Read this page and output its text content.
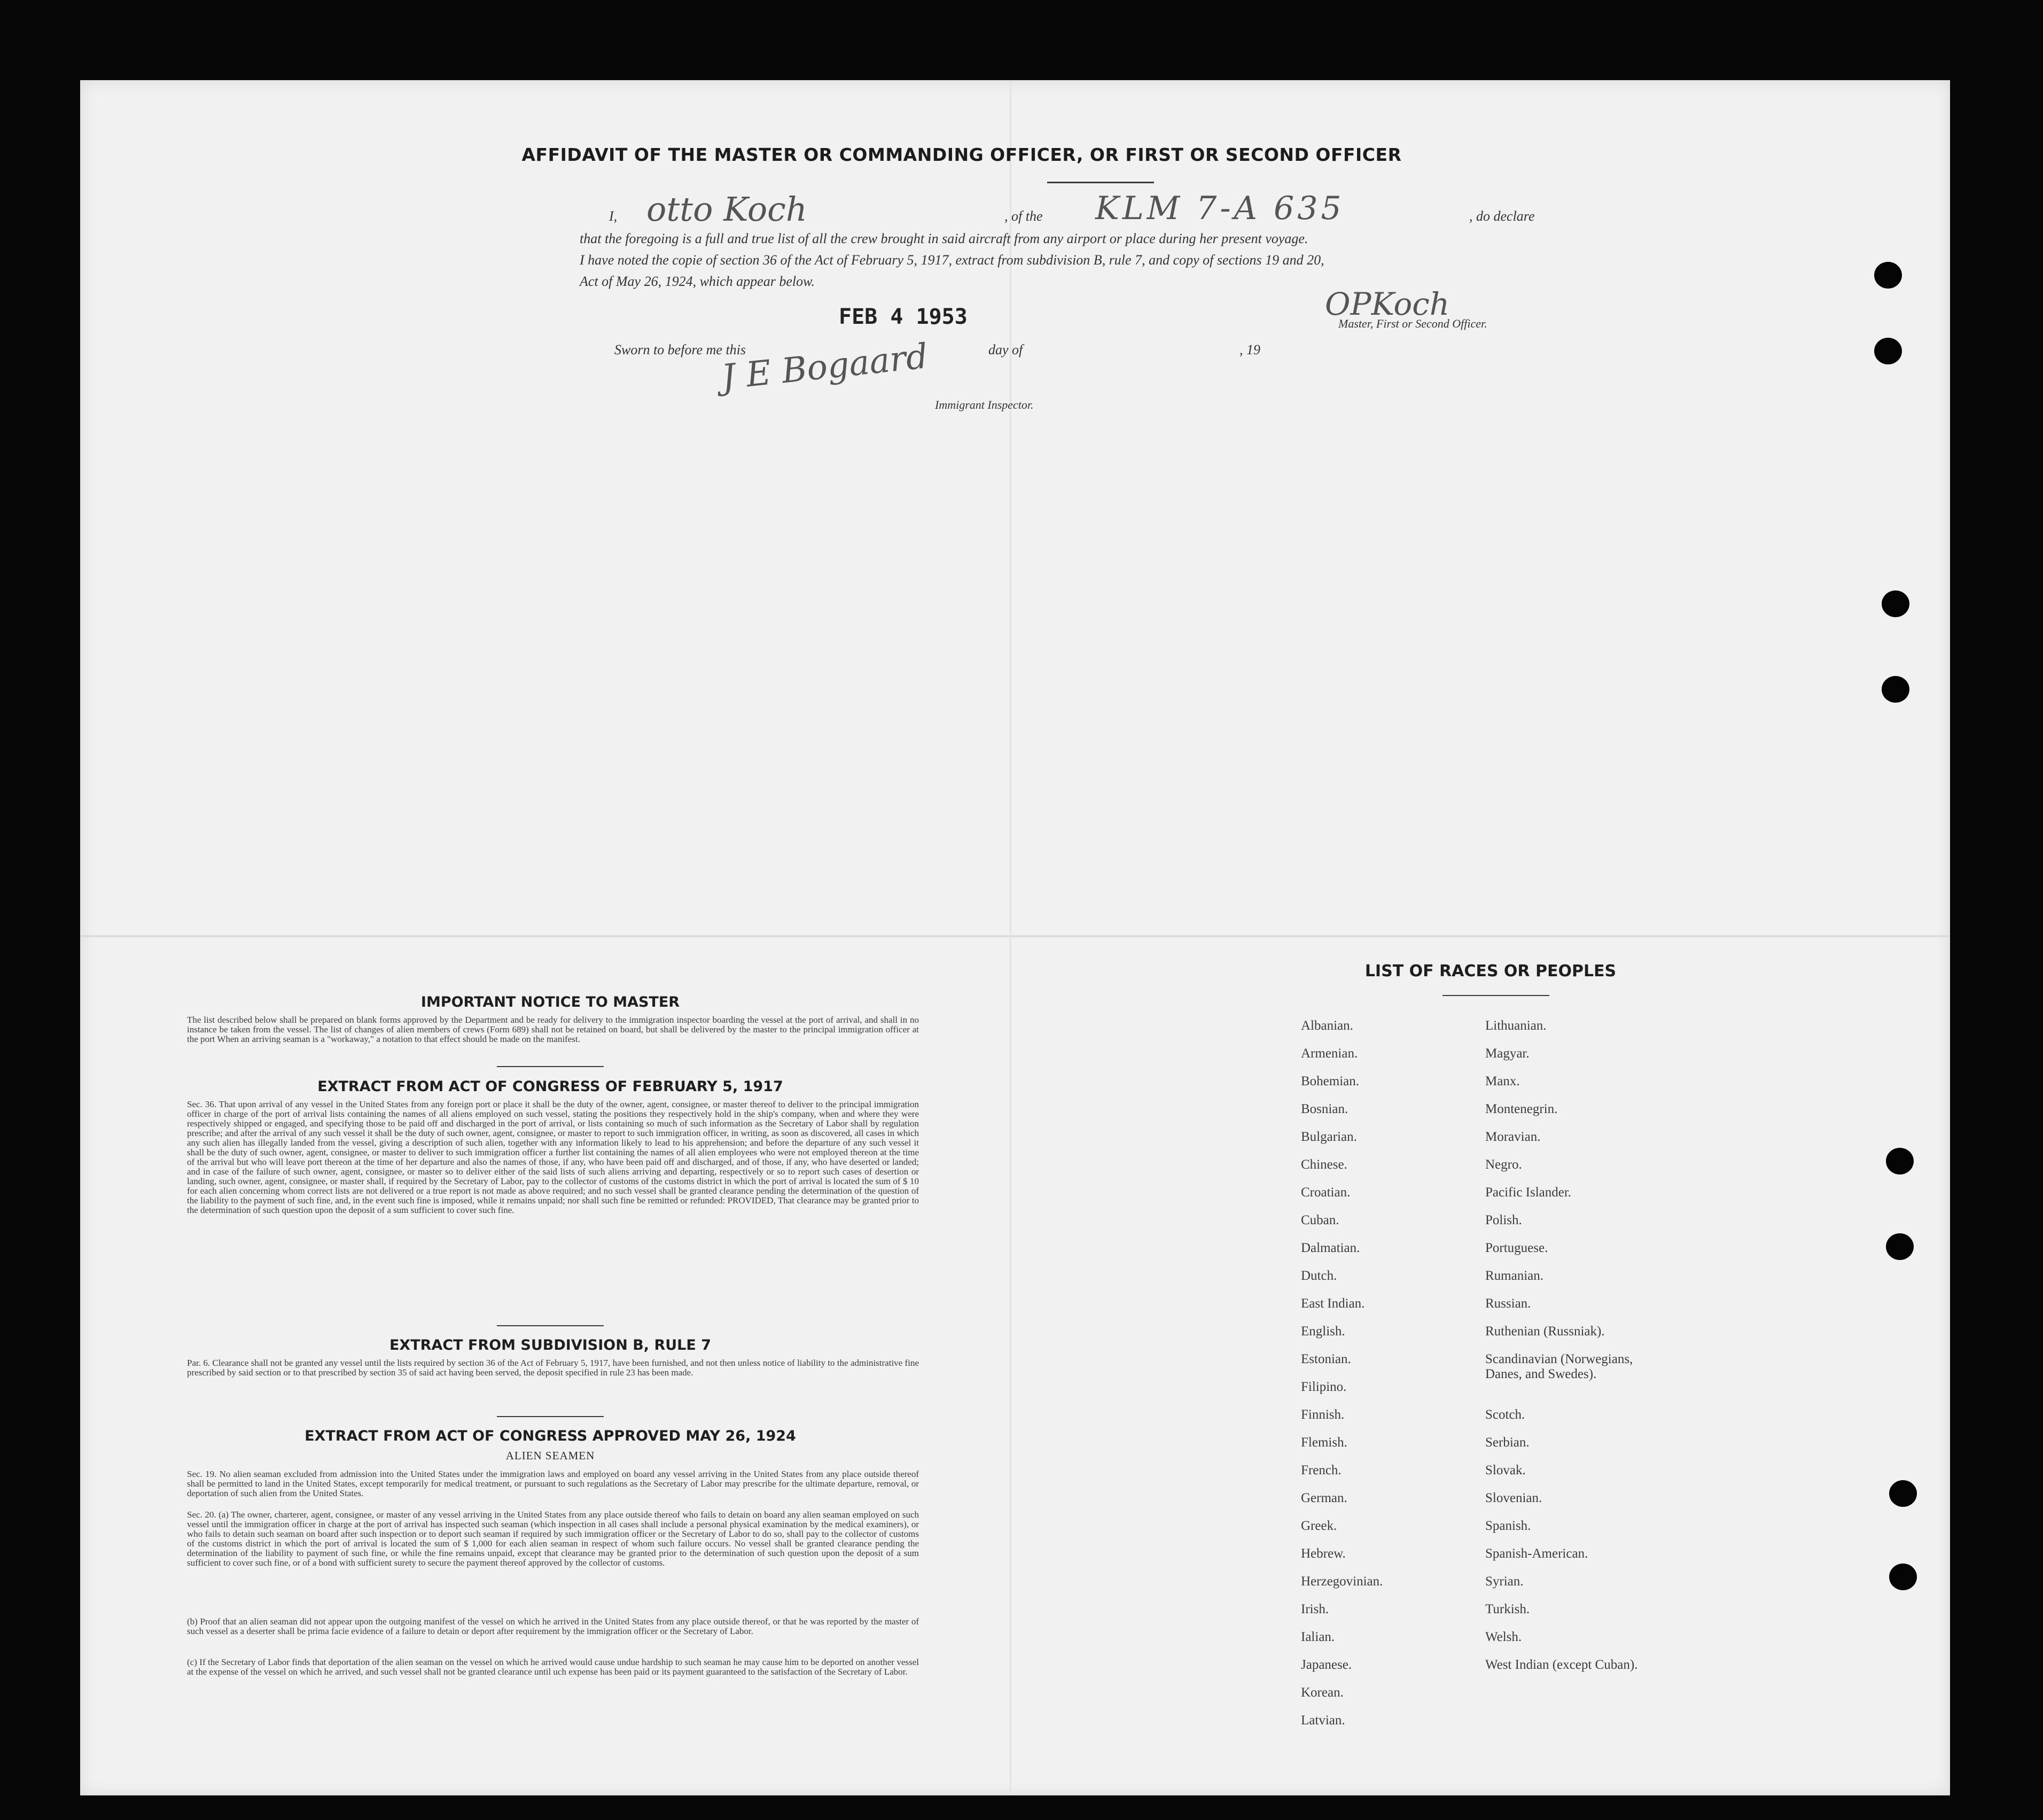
AFFIDAVIT OF THE MASTER OR COMMANDING OFFICER, OR FIRST OR SECOND OFFICER
I, otto Koch	, of the KLM 7-A 635	, do declare
that the foregoing is a full and true list of all the crew brought in said aircraft from any airport or place during her present voyage.
I have noted the copie of section 36 of the Act of February 5, 1917, extract from subdivision B, rule 7, and copy of sections 19 and 20,
Act of May 26, 1924, which appear below.
FEB 4 1953	OPKoch
Master, First or Second Officer.
Sworn to before me this	day of	, 19
J E Bogaard
Immigrant Inspector.
IMPORTANT NOTICE TO MASTER
The list described below shall be prepared on blank forms approved by the Department and be ready for delivery to the immigration inspector boarding the vessel at the port of arrival, and shall in no instance be taken from the vessel. The list of changes of alien members of crews (Form 689) shall not be retained on board, but shall be delivered by the master to the principal immigration officer at the port When an arriving seaman is a "workaway," a notation to that effect should be made on the manifest.
EXTRACT FROM ACT OF CONGRESS OF FEBRUARY 5, 1917
Sec. 36. That upon arrival of any vessel in the United States from any foreign port or place it shall be the duty of the owner, agent, consignee, or master thereof to deliver to the principal immigration officer in charge of the port of arrival lists containing the names of all aliens employed on such vessel, stating the positions they respectively hold in the ship's company, when and where they were respectively shipped or engaged, and specifying those to be paid off and discharged in the port of arrival, or lists containing so much of such information as the Secretary of Labor shall by regulation prescribe; and after the arrival of any such vessel it shall be the duty of such owner, agent, consignee, or master to report to such immigration officer, in writing, as soon as discovered, all cases in which any such alien has illegally landed from the vessel, giving a description of such alien, together with any information likely to lead to his apprehension; and before the departure of any such vessel it shall be the duty of such owner, agent, consignee, or master to deliver to such immigration officer a further list containing the names of all alien employees who were not employed thereon at the time of the arrival but who will leave port thereon at the time of her departure and also the names of those, if any, who have been paid off and discharged, and of those, if any, who have deserted or landed; and in case of the failure of such owner, agent, consignee, or master so to deliver either of the said lists of such aliens arriving and departing, respectively or so to report such cases of desertion or landing, such owner, agent, consignee, or master shall, if required by the Secretary of Labor, pay to the collector of customs of the customs district in which the port of arrival is located the sum of $ 10 for each alien concerning whom correct lists are not delivered or a true report is not made as above required; and no such vessel shall be granted clearance pending the determination of the question of the liability to the payment of such fine, and, in the event such fine is imposed, while it remains unpaid; nor shall such fine be remitted or refunded: PROVIDED, That clearance may be granted prior to the determination of such question upon the deposit of a sum sufficient to cover such fine.
EXTRACT FROM SUBDIVISION B, RULE 7
Par. 6. Clearance shall not be granted any vessel until the lists required by section 36 of the Act of February 5, 1917, have been furnished, and not then unless notice of liability to the administrative fine prescribed by said section or to that prescribed by section 35 of said act having been served, the deposit specified in rule 23 has been made.
EXTRACT FROM ACT OF CONGRESS APPROVED MAY 26, 1924
ALIEN SEAMEN
Sec. 19. No alien seaman excluded from admission into the United States under the immigration laws and employed on board any vessel arriving in the United States from any place outside thereof shall be permitted to land in the United States, except temporarily for medical treatment, or pursuant to such regulations as the Secretary of Labor may prescribe for the ultimate departure, removal, or deportation of such alien from the United States.
Sec. 20. (a) The owner, charterer, agent, consignee, or master of any vessel arriving in the United States from any place outside thereof who fails to detain on board any alien seaman employed on such vessel until the immigration officer in charge at the port of arrival has inspected such seaman (which inspection in all cases shall include a personal physical examination by the medical examiners), or who fails to detain such seaman on board after such inspection or to deport such seaman if required by such immigration officer or the Secretary of Labor to do so, shall pay to the collector of customs of the customs district in which the port of arrival is located the sum of $ 1,000 for each alien seaman in respect of whom such failure occurs. No vessel shall be granted clearance pending the determination of the liability to payment of such fine, or while the fine remains unpaid, except that clearance may be granted prior to the determination of such question upon the deposit of a sum sufficient to cover such fine, or of a bond with sufficient surety to secure the payment thereof approved by the collector of customs.
(b) Proof that an alien seaman did not appear upon the outgoing manifest of the vessel on which he arrived in the United States from any place outside thereof, or that he was reported by the master of such vessel as a deserter shall be prima facie evidence of a failure to detain or deport after requirement by the immigration officer or the Secretary of Labor.
(c) If the Secretary of Labor finds that deportation of the alien seaman on the vessel on which he arrived would cause undue hardship to such seaman he may cause him to be deported on another vessel at the expense of the vessel on which he arrived, and such vessel shall not be granted clearance until uch expense has been paid or its payment guaranteed to the satisfaction of the Secretary of Labor.
LIST OF RACES OR PEOPLES
Albanian.
Armenian.
Bohemian.
Bosnian.
Bulgarian.
Chinese.
Croatian.
Cuban.
Dalmatian.
Dutch.
East Indian.
English.
Estonian.
Filipino.
Finnish.
Flemish.
French.
German.
Greek.
Hebrew.
Herzegovinian.
Irish.
Ialian.
Japanese.
Korean.
Latvian.
Lithuanian.
Magyar.
Manx.
Montenegrin.
Moravian.
Negro.
Pacific Islander.
Polish.
Portuguese.
Rumanian.
Russian.
Ruthenian (Russniak).
Scandinavian (Norwegians, Danes, and Swedes).
Scotch.
Serbian.
Slovak.
Slovenian.
Spanish.
Spanish-American.
Syrian.
Turkish.
Welsh.
West Indian (except Cuban).
